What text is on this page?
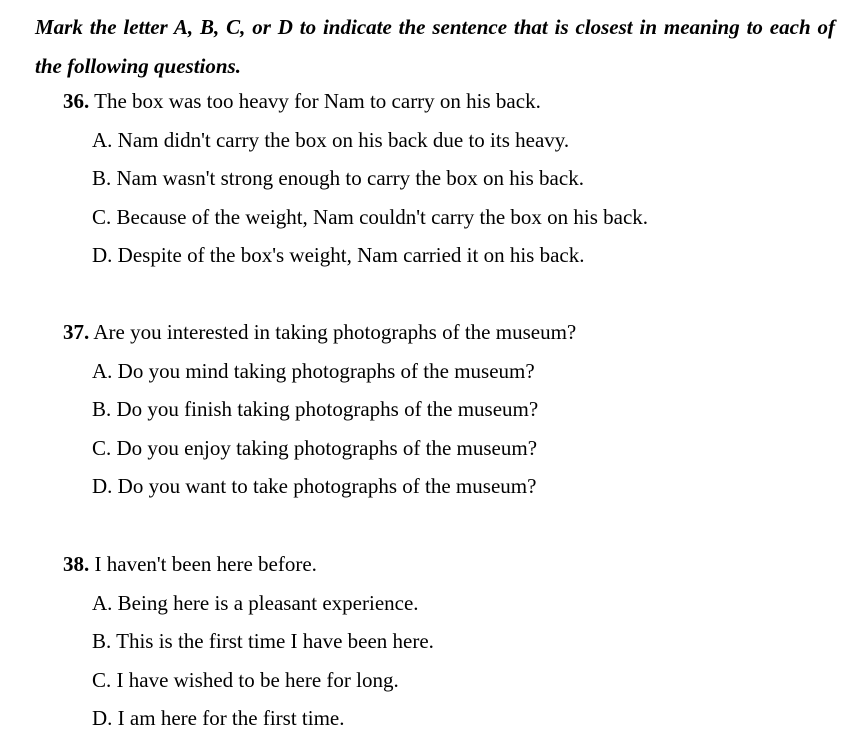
Mark the letter A, B, C, or D to indicate the sentence that is closest in meaning to each of the following questions.
36. The box was too heavy for Nam to carry on his back.
A. Nam didn't carry the box on his back due to its heavy.
B. Nam wasn't strong enough to carry the box on his back.
C. Because of the weight, Nam couldn't carry the box on his back.
D. Despite of the box's weight, Nam carried it on his back.
37. Are you interested in taking photographs of the museum?
A. Do you mind taking photographs of the museum?
B. Do you finish taking photographs of the museum?
C. Do you enjoy taking photographs of the museum?
D. Do you want to take photographs of the museum?
38. I haven't been here before.
A. Being here is a pleasant experience.
B. This is the first time I have been here.
C. I have wished to be here for long.
D. I am here for the first time.
